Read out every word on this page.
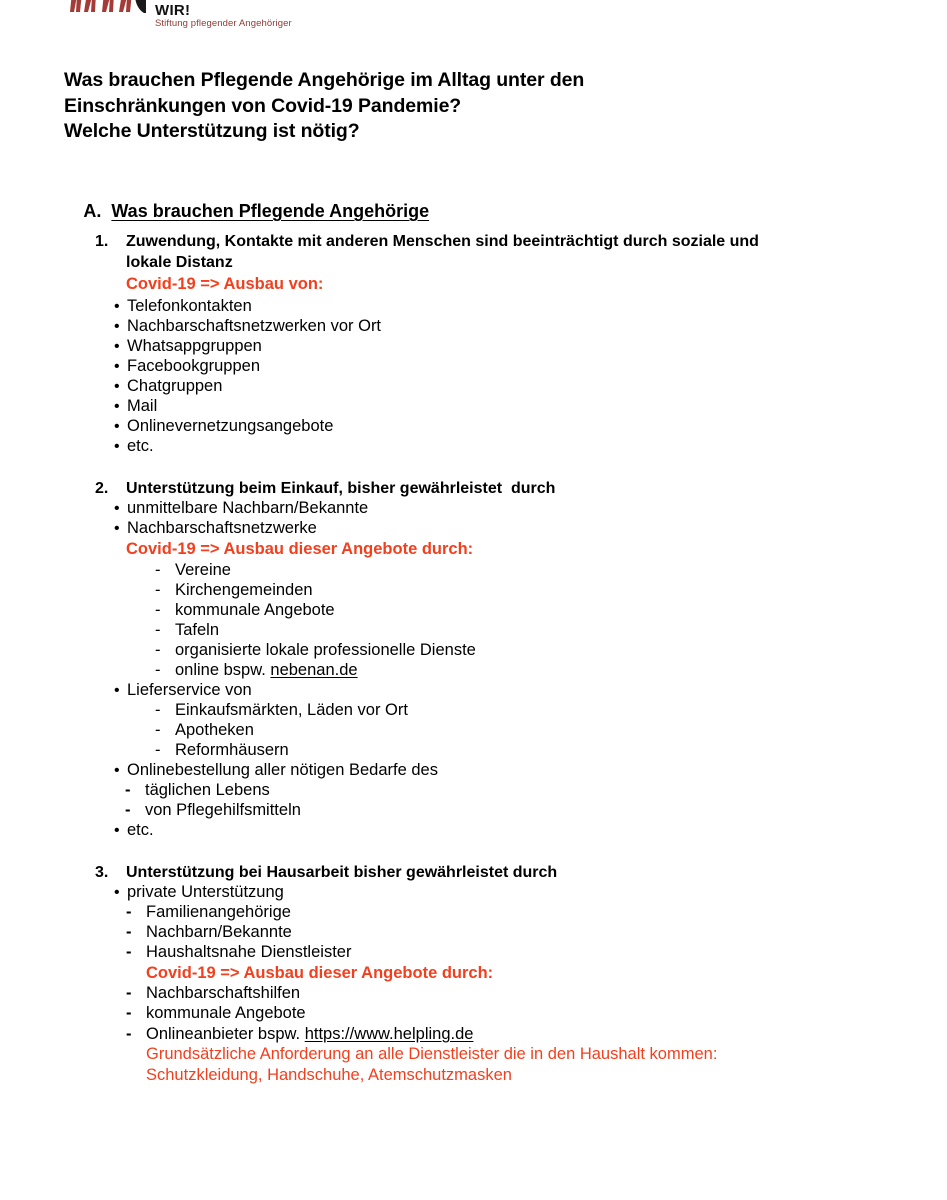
WIR!
Stiftung pflegender Angehöriger
Was brauchen Pflegende Angehörige im Alltag unter den
Einschränkungen von Covid-19 Pandemie?
Welche Unterstützung ist nötig?

A. Was brauchen Pflegende Angehörige

1. Zuwendung, Kontakte mit anderen Menschen sind beeinträchtigt durch soziale und
lokale Distanz
Covid-19 => Ausbau von:
• Telefonkontakten
• Nachbarschaftsnetzwerken vor Ort
• Whatsappgruppen
• Facebookgruppen
• Chatgruppen
• Mail
• Onlinevernetzungsangebote
• etc.
2. Unterstützung beim Einkauf, bisher gewährleistet  durch
• unmittelbare Nachbarn/Bekannte
• Nachbarschaftsnetzwerke
Covid-19 => Ausbau dieser Angebote durch:
- Vereine
- Kirchengemeinden
- kommunale Angebote
- Tafeln
- organisierte lokale professionelle Dienste
- online bspw. nebenan.de
• Lieferservice von
- Einkaufsmärkten, Läden vor Ort
- Apotheken
- Reformhäusern
• Onlinebestellung aller nötigen Bedarfe des
- täglichen Lebens
- von Pflegehilfsmitteln
• etc.
3. Unterstützung bei Hausarbeit bisher gewährleistet durch
• private Unterstützung
- Familienangehörige
- Nachbarn/Bekannte
- Haushaltsnahe Dienstleister
Covid-19 => Ausbau dieser Angebote durch:
- Nachbarschaftshilfen
- kommunale Angebote
- Onlineanbieter bspw. https://www.helpling.de
Grundsätzliche Anforderung an alle Dienstleister die in den Haushalt kommen:
Schutzkleidung, Handschuhe, Atemschutzmasken
